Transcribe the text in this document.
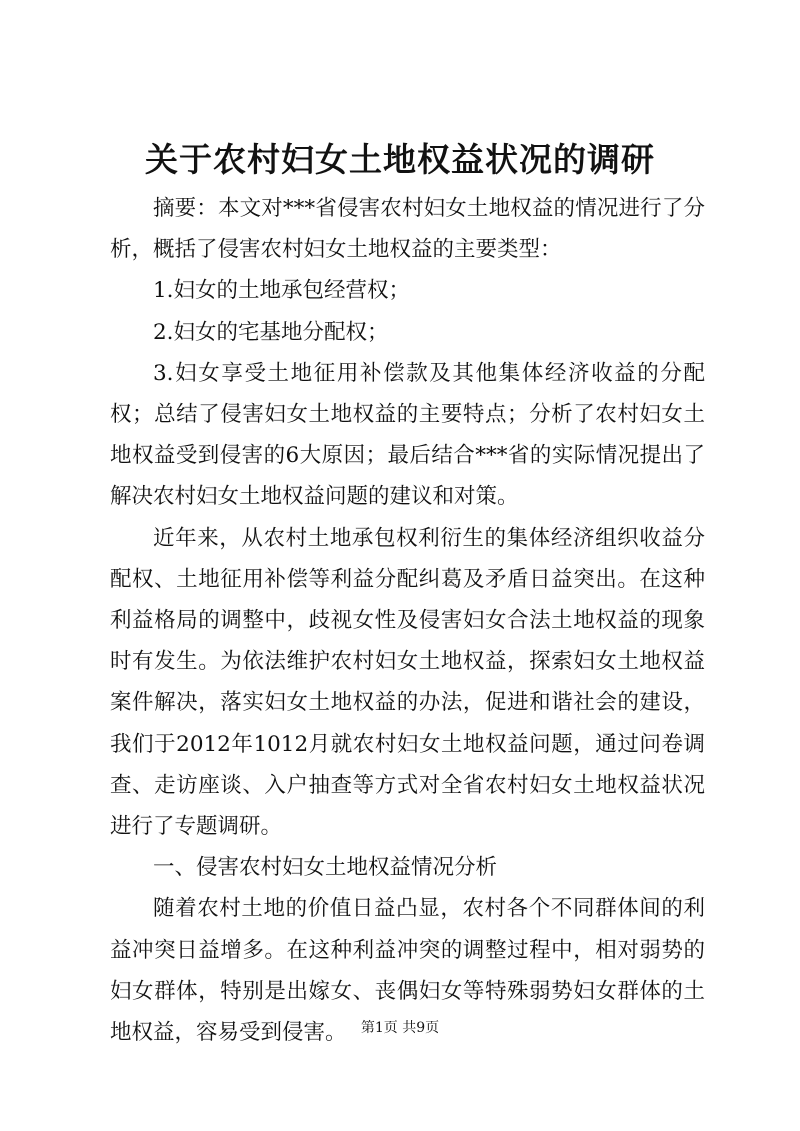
关于农村妇女土地权益状况的调研

摘要：本文对***省侵害农村妇女土地权益的情况进行了分析，概括了侵害农村妇女土地权益的主要类型：

1.妇女的土地承包经营权；

2.妇女的宅基地分配权；

3.妇女享受土地征用补偿款及其他集体经济收益的分配权；总结了侵害妇女土地权益的主要特点；分析了农村妇女土地权益受到侵害的6大原因；最后结合***省的实际情况提出了解决农村妇女土地权益问题的建议和对策。

近年来，从农村土地承包权利衍生的集体经济组织收益分配权、土地征用补偿等利益分配纠葛及矛盾日益突出。在这种利益格局的调整中，歧视女性及侵害妇女合法土地权益的现象时有发生。为依法维护农村妇女土地权益，探索妇女土地权益案件解决，落实妇女土地权益的办法，促进和谐社会的建设，我们于2012年1012月就农村妇女土地权益问题，通过问卷调查、走访座谈、入户抽查等方式对全省农村妇女土地权益状况进行了专题调研。

一、侵害农村妇女土地权益情况分析

随着农村土地的价值日益凸显，农村各个不同群体间的利益冲突日益增多。在这种利益冲突的调整过程中，相对弱势的妇女群体，特别是出嫁女、丧偶妇女等特殊弱势妇女群体的土地权益，容易受到侵害。	第1页 共9页
